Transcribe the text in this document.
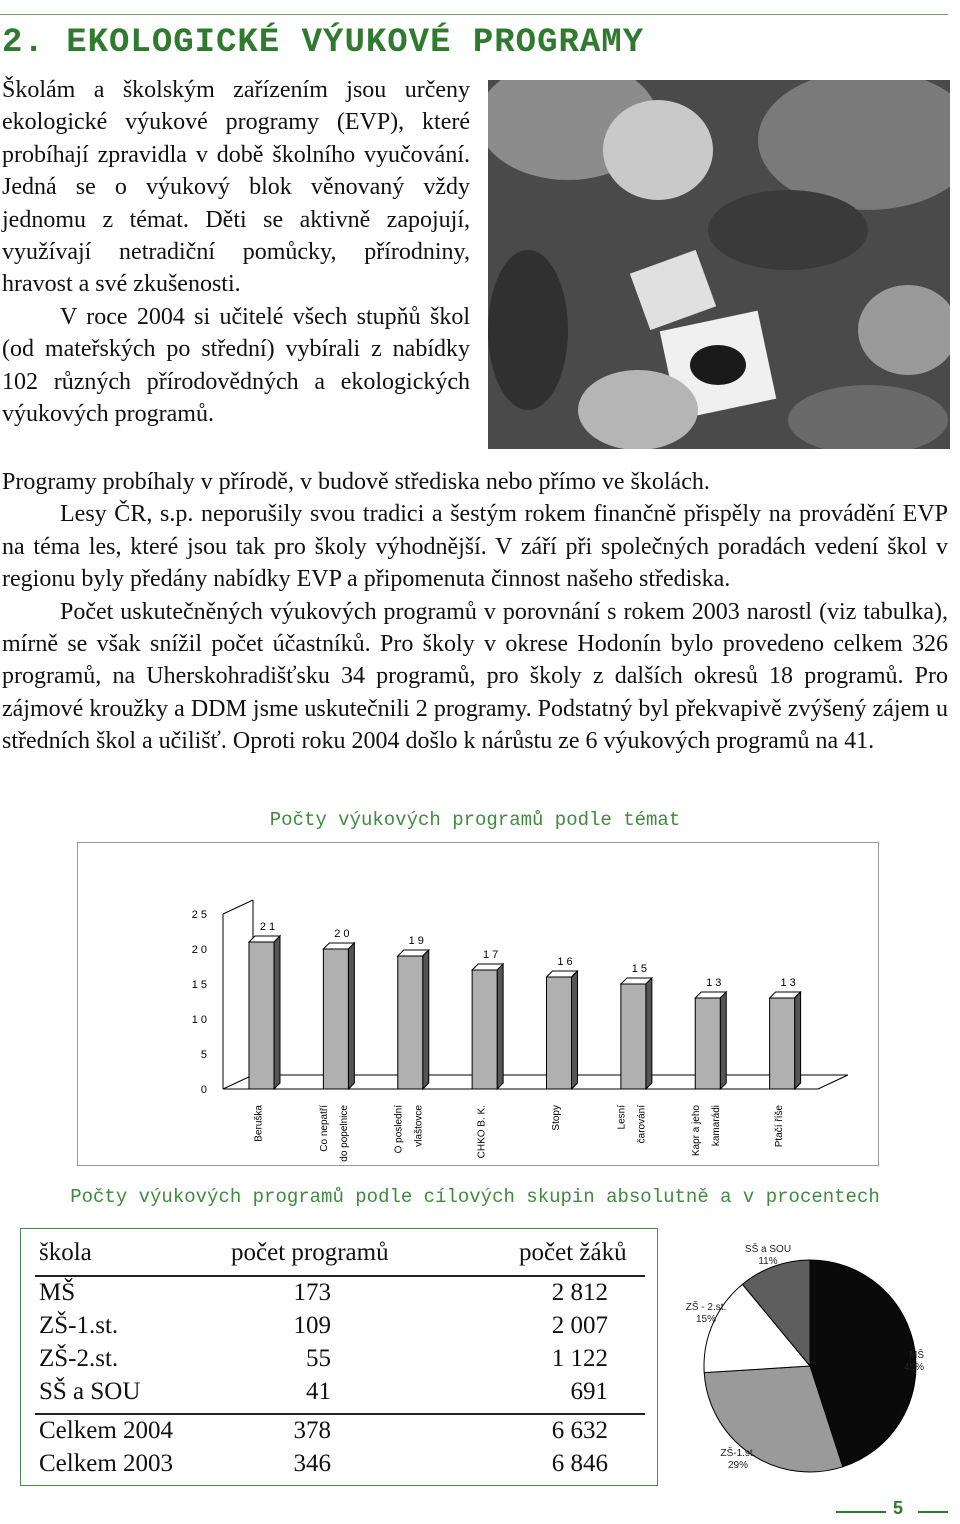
2. EKOLOGICKÉ VÝUKOVÉ PROGRAMY

Školám a školským zařízením jsou určeny ekologické výukové programy (EVP), které probíhají zpravidla v době školního vyučování. Jedná se o výukový blok věnovaný vždy jednomu z témat. Děti se aktivně zapojují, využívají netradiční pomůcky, přírodniny, hravost a své zkušenosti.

V roce 2004 si učitelé všech stupňů škol (od mateřských po střední) vybírali z nabídky 102 různých přírodovědných a ekologických výukových programů.

Programy probíhaly v přírodě, v budově střediska nebo přímo ve školách.

Lesy ČR, s.p. neporušily svou tradici a šestým rokem finančně přispěly na provádění EVP na téma les, které jsou tak pro školy výhodnější. V září při společných poradách vedení škol v regionu byly předány nabídky EVP a připomenuta činnost našeho střediska.

Počet uskutečněných výukových programů v porovnání s rokem 2003 narostl (viz tabulka), mírně se však snížil počet účastníků. Pro školy v okrese Hodonín bylo provedeno celkem 326 programů, na Uherskohradišťsku 34 programů, pro školy z dalších okresů 18 programů. Pro zájmové kroužky a DDM jsme uskutečnili 2 programy. Podstatný byl překvapivě zvýšený zájem u středních škol a učilišť. Oproti roku 2004 došlo k nárůstu ze 6 výukových programů na 41.

Počty výukových programů podle témat
0
5
1 0
1 5
2 0
2 5
2 1
Beruška
2 0
Co nepatří do popelnice
1 9
O poslední vlaštovce
1 7
CHKO B. K.
1 6
Stopy
1 5
Lesní čarování
1 3
Kapr a jeho kamarádi
1 3
Ptačí říše
Počty výukových programů podle cílových skupin absolutně a v procentech
škola	počet programů	počet žáků
MŠ	173	2 812
ZŠ-1.st.	109	2 007
ZŠ-2.st.	55	1 122
SŠ a SOU	41	691
Celkem 2004	378	6 632
Celkem 2003	346	6 846
MŠ
45%
ZŠ-1.st.
29%
ZŠ - 2.st.
15%
SŠ a SOU
11%
5
